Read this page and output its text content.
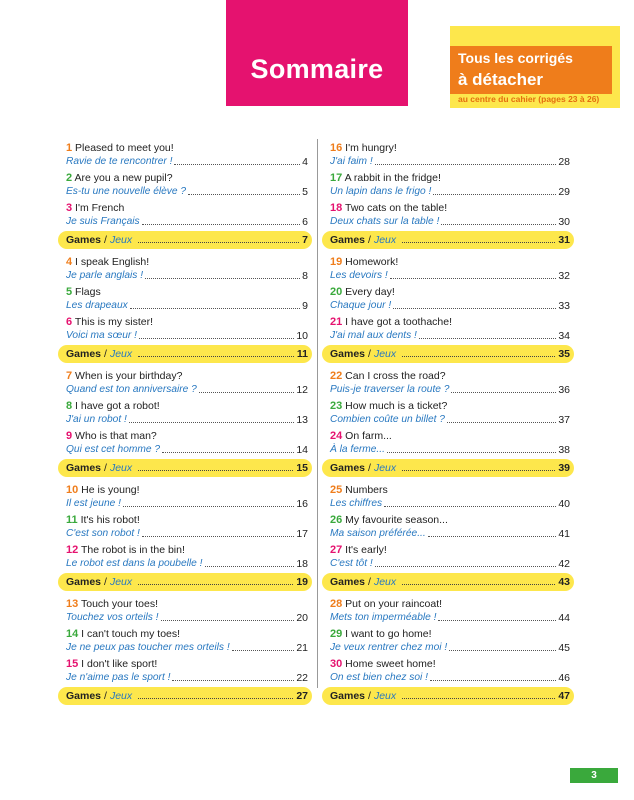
Sommaire	Tous les corrigés
à détacher
au centre du cahier (pages 23 à 26)
1 Pleased to meet you!
Ravie de te rencontrer !	4
2 Are you a new pupil?
Es-tu une nouvelle élève ?	5
3 I'm French
Je suis Français	6
Games / Jeux	7
4 I speak English!
Je parle anglais !	8
5 Flags
Les drapeaux	9
6 This is my sister!
Voici ma sœur !	10
Games / Jeux	11
7 When is your birthday?
Quand est ton anniversaire ?	12
8 I have got a robot!
J'ai un robot !	13
9 Who is that man?
Qui est cet homme ?	14
Games / Jeux	15
10 He is young!
Il est jeune !	16
11 It's his robot!
C'est son robot !	17
12 The robot is in the bin!
Le robot est dans la poubelle !	18
Games / Jeux	19
13 Touch your toes!
Touchez vos orteils !	20
14 I can't touch my toes!
Je ne peux pas toucher mes orteils !	21
15 I don't like sport!
Je n'aime pas le sport !	22
Games / Jeux	27
16 I'm hungry!
J'ai faim !	28
17 A rabbit in the fridge!
Un lapin dans le frigo !	29
18 Two cats on the table!
Deux chats sur la table !	30
Games / Jeux	31
19 Homework!
Les devoirs !	32
20 Every day!
Chaque jour !	33
21 I have got a toothache!
J'ai mal aux dents !	34
Games / Jeux	35
22 Can I cross the road?
Puis-je traverser la route ?	36
23 How much is a ticket?
Combien coûte un billet ?	37
24 On farm...
À la ferme...	38
Games / Jeux	39
25 Numbers
Les chiffres	40
26 My favourite season...
Ma saison préférée...	41
27 It's early!
C'est tôt !	42
Games / Jeux	43
28 Put on your raincoat!
Mets ton imperméable !	44
29 I want to go home!
Je veux rentrer chez moi !	45
30 Home sweet home!
On est bien chez soi !	46
Games / Jeux	47
3
